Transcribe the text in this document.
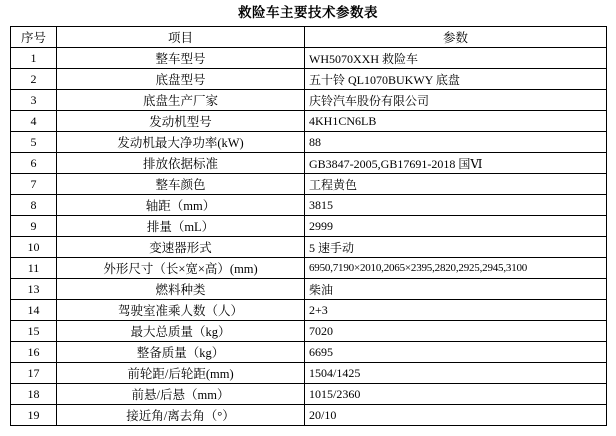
救险车主要技术参数表
序号	项目	参数
1	整车型号	WH5070XXH 救险车
2	底盘型号	五十铃 QL1070BUKWY 底盘
3	底盘生产厂家	庆铃汽车股份有限公司
4	发动机型号	4KH1CN6LB
5	发动机最大净功率(kW)	88
6	排放依据标准	GB3847-2005,GB17691-2018 国Ⅵ
7	整车颜色	工程黄色
8	轴距（mm）	3815
9	排量（mL）	2999
10	变速器形式	5 速手动
11	外形尺寸（长×宽×高）(mm)	6950,7190×2010,2065×2395,2820,2925,2945,3100
13	燃料种类	柴油
14	驾驶室准乘人数（人）	2+3
15	最大总质量（kg）	7020
16	整备质量（kg）	6695
17	前轮距/后轮距(mm)	1504/1425
18	前悬/后悬（mm）	1015/2360
19	接近角/离去角（°）	20/10
